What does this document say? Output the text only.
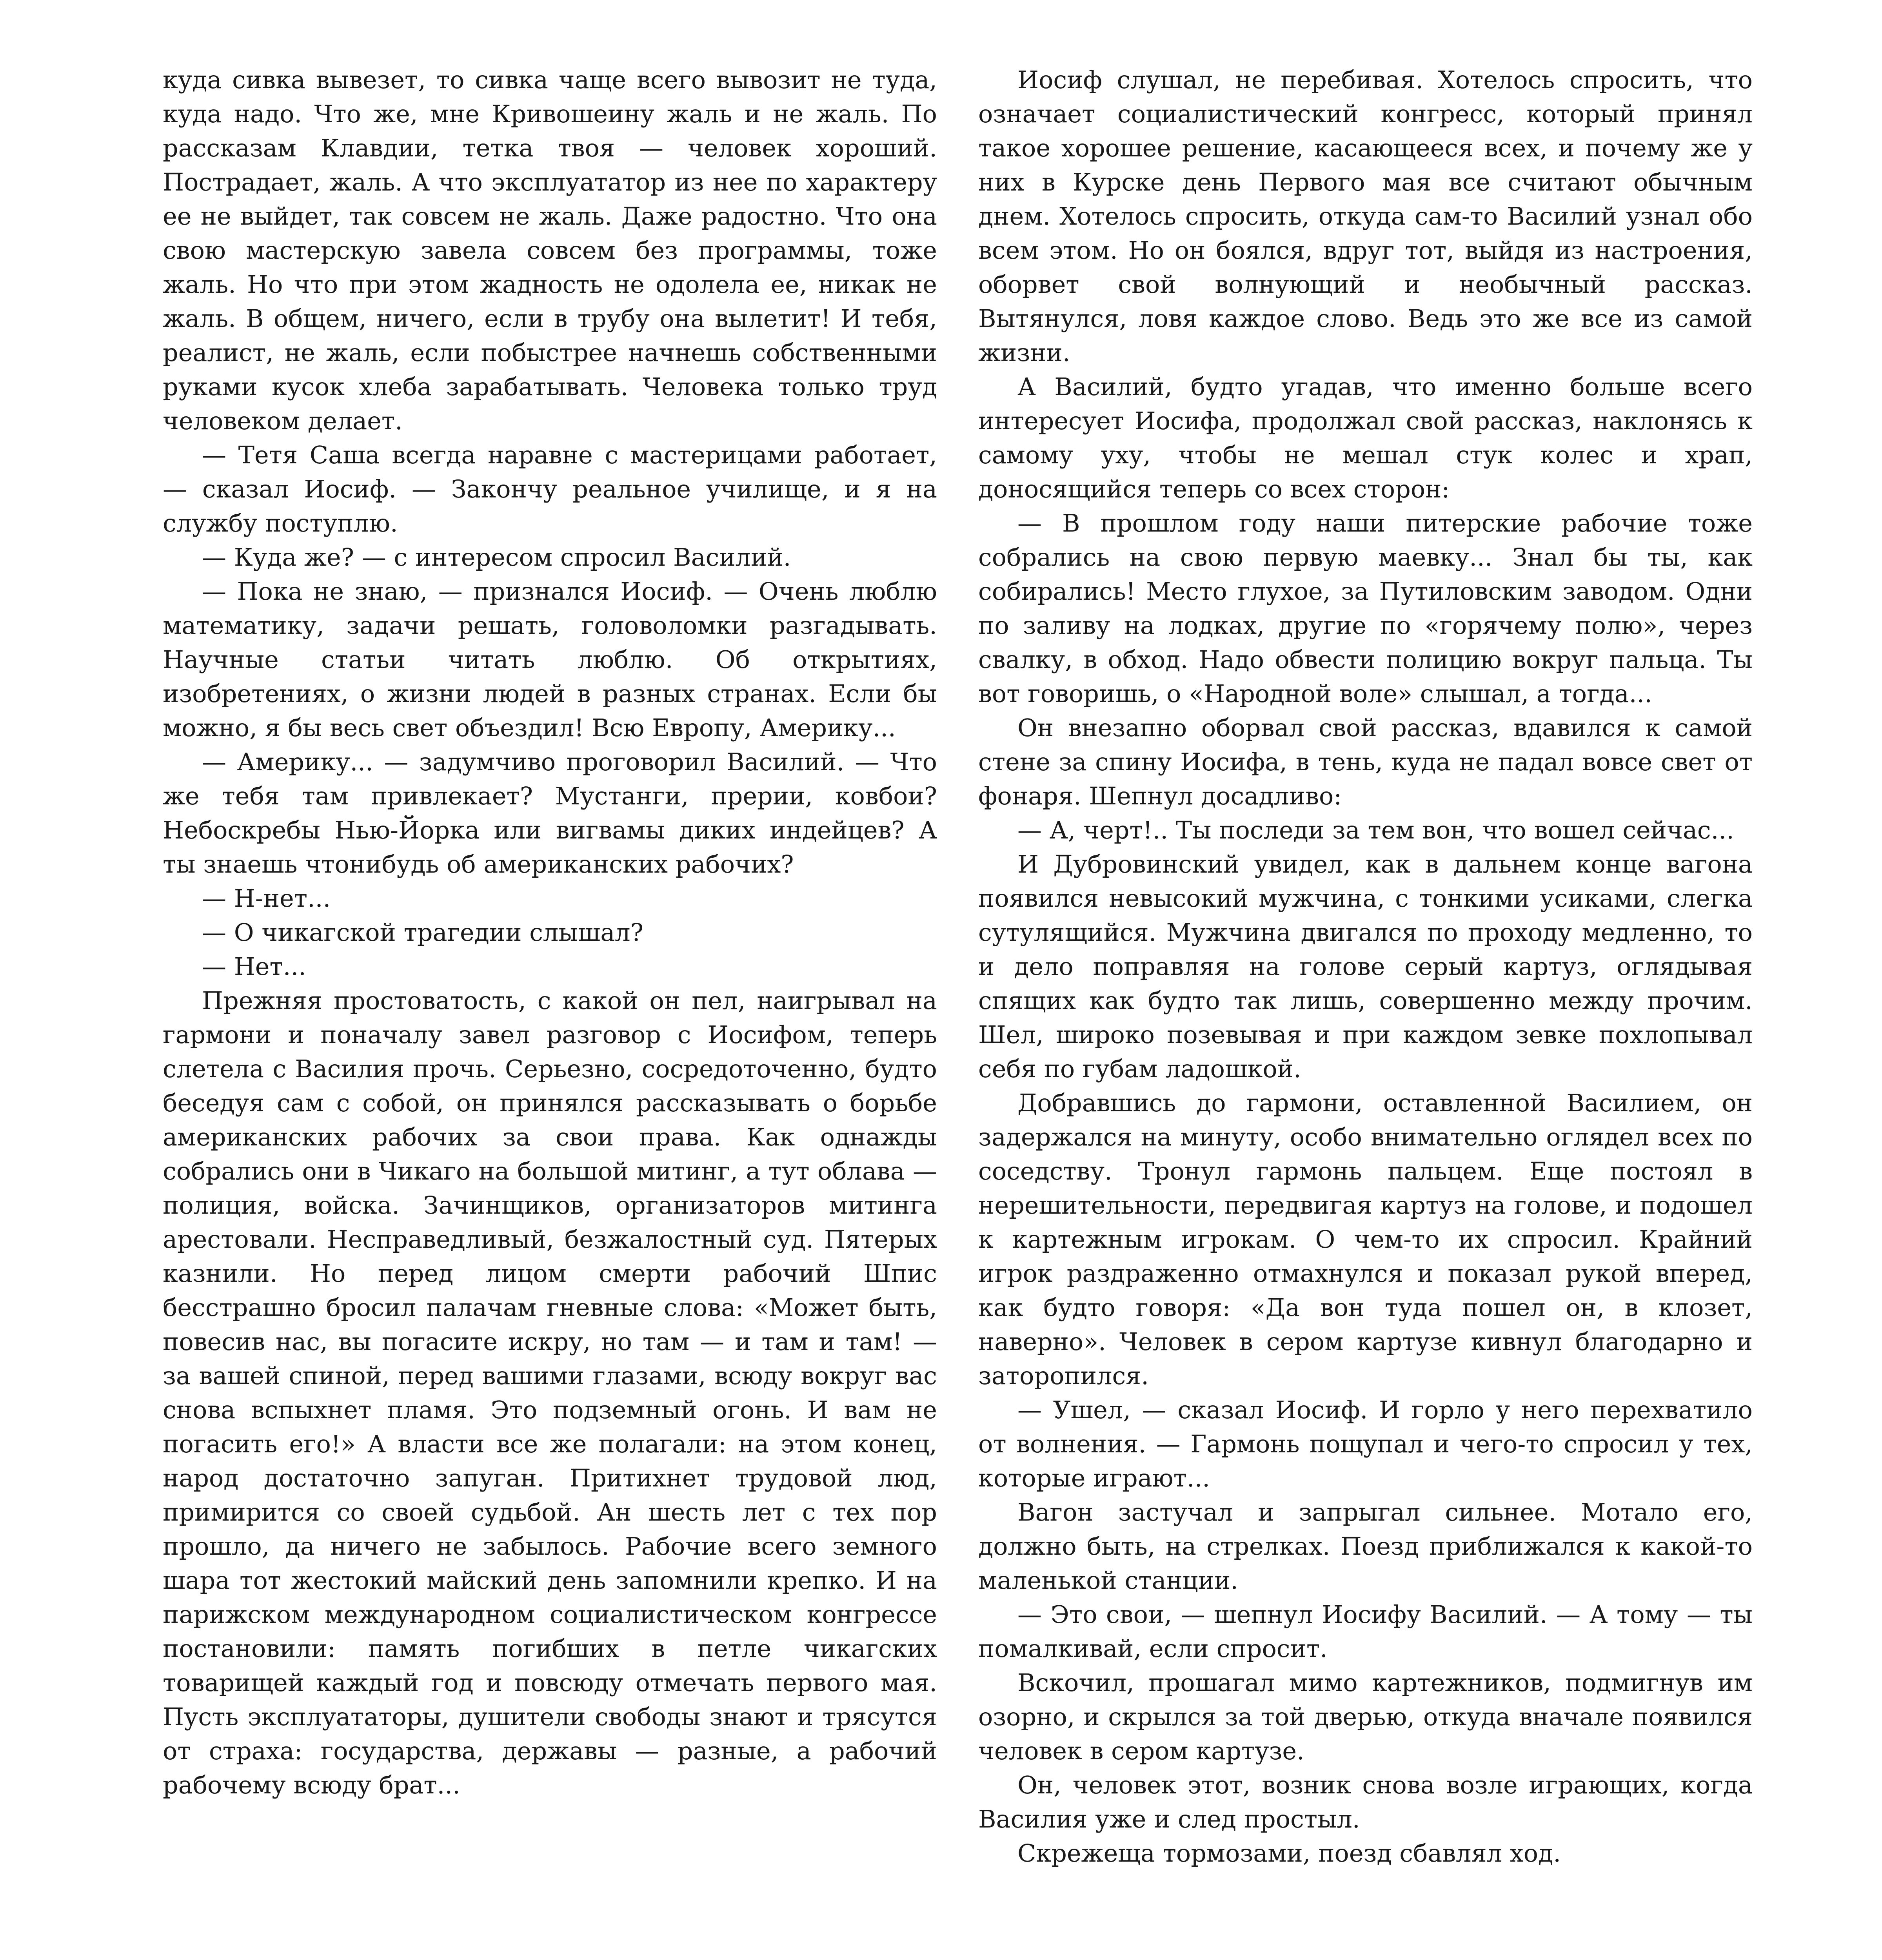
куда сивка вывезет, то сивка чаще всего вывозит не туда, куда надо. Что же, мне Кривошеину жаль и не жаль. По рассказам Клавдии, тетка твоя — человек хороший. Пострадает, жаль. А что эксплуататор из нее по характеру ее не выйдет, так совсем не жаль. Даже радостно. Что она свою мастерскую завела совсем без программы, тоже жаль. Но что при этом жадность не одолела ее, никак не жаль. В общем, ничего, если в трубу она вылетит! И тебя, реалист, не жаль, если побыстрее начнешь собственными руками кусок хлеба зарабатывать. Человека только труд человеком делает.

— Тетя Саша всегда наравне с мастерицами работает, — сказал Иосиф. — Закончу реальное училище, и я на службу поступлю.

— Куда же? — с интересом спросил Василий.

— Пока не знаю, — признался Иосиф. — Очень люблю математику, задачи решать, головоломки разгадывать. Научные статьи читать люблю. Об открытиях, изобретениях, о жизни людей в разных странах. Если бы можно, я бы весь свет объездил! Всю Европу, Америку...

— Америку... — задумчиво проговорил Василий. — Что же тебя там привлекает? Мустанги, прерии, ковбои? Небоскребы Нью-Йорка или вигвамы диких индейцев? А ты знаешь чтонибудь об американских рабочих?

— Н-нет...

— О чикагской трагедии слышал?

— Нет...

Прежняя простоватость, с какой он пел, наигрывал на гармони и поначалу завел разговор с Иосифом, теперь слетела с Василия прочь. Серьезно, сосредоточенно, будто беседуя сам с собой, он принялся рассказывать о борьбе американских рабочих за свои права. Как однажды собрались они в Чикаго на большой митинг, а тут облава — полиция, войска. Зачинщиков, организаторов митинга арестовали. Несправедливый, безжалостный суд. Пятерых казнили. Но перед лицом смерти рабочий Шпис бесстрашно бросил палачам гневные слова: «Может быть, повесив нас, вы погасите искру, но там — и там и там! — за вашей спиной, перед вашими глазами, всюду вокруг вас снова вспыхнет пламя. Это подземный огонь. И вам не погасить его!» А власти все же полагали: на этом конец, народ достаточно запуган. Притихнет трудовой люд, примирится со своей судьбой. Ан шесть лет с тех пор прошло, да ничего не забылось. Рабочие всего земного шара тот жестокий майский день запомнили крепко. И на парижском международном социалистическом конгрессе постановили: память погибших в петле чикагских товарищей каждый год и повсюду отмечать первого мая. Пусть эксплуататоры, душители свободы знают и трясутся от страха: государства, державы — разные, а рабочий рабочему всюду брат...

Иосиф слушал, не перебивая. Хотелось спросить, что означает социалистический конгресс, который принял такое хорошее решение, касающееся всех, и почему же у них в Курске день Первого мая все считают обычным днем. Хотелось спросить, откуда сам-то Василий узнал обо всем этом. Но он боялся, вдруг тот, выйдя из настроения, оборвет свой волнующий и необычный рассказ. Вытянулся, ловя каждое слово. Ведь это же все из самой жизни.

А Василий, будто угадав, что именно больше всего интересует Иосифа, продолжал свой рассказ, наклонясь к самому уху, чтобы не мешал стук колес и храп, доносящийся теперь со всех сторон:

— В прошлом году наши питерские рабочие тоже собрались на свою первую маевку... Знал бы ты, как собирались! Место глухое, за Путиловским заводом. Одни по заливу на лодках, другие по «горячему полю», через свалку, в обход. Надо обвести полицию вокруг пальца. Ты вот говоришь, о «Народной воле» слышал, а тогда...

Он внезапно оборвал свой рассказ, вдавился к самой стене за спину Иосифа, в тень, куда не падал вовсе свет от фонаря. Шепнул досадливо:

— А, черт!.. Ты последи за тем вон, что вошел сейчас...

И Дубровинский увидел, как в дальнем конце вагона появился невысокий мужчина, с тонкими усиками, слегка сутулящийся. Мужчина двигался по проходу медленно, то и дело поправляя на голове серый картуз, оглядывая спящих как будто так лишь, совершенно между прочим. Шел, широко позевывая и при каждом зевке похлопывал себя по губам ладошкой.

Добравшись до гармони, оставленной Василием, он задержался на минуту, особо внимательно оглядел всех по соседству. Тронул гармонь пальцем. Еще постоял в нерешительности, передвигая картуз на голове, и подошел к картежным игрокам. О чем-то их спросил. Крайний игрок раздраженно отмахнулся и показал рукой вперед, как будто говоря: «Да вон туда пошел он, в клозет, наверно». Человек в сером картузе кивнул благодарно и заторопился.

— Ушел, — сказал Иосиф. И горло у него перехватило от волнения. — Гармонь пощупал и чего-то спросил у тех, которые играют...

Вагон застучал и запрыгал сильнее. Мотало его, должно быть, на стрелках. Поезд приближался к какой-то маленькой станции.

— Это свои, — шепнул Иосифу Василий. — А тому — ты помалкивай, если спросит.

Вскочил, прошагал мимо картежников, подмигнув им озорно, и скрылся за той дверью, откуда вначале появился человек в сером картузе.

Он, человек этот, возник снова возле играющих, когда Василия уже и след простыл.

Скрежеща тормозами, поезд сбавлял ход.
